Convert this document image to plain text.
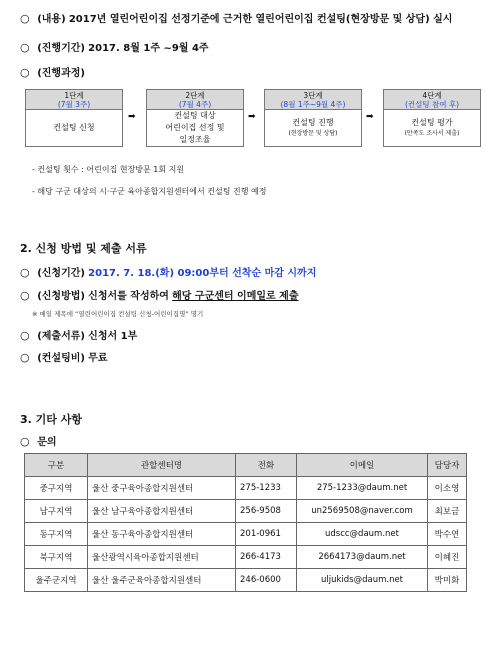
○ (내용) 2017년 열린어린이집 선정기준에 근거한 열린어린이집 컨설팅(현장방문 및 상담) 실시
○ (진행기간) 2017. 8월 1주 ~9월 4주
○ (진행과정)
1단계
(7월 3주)
컨설팅 신청
➡
2단계
(7월 4주)
컨설팅 대상
어린이집 선정 및
일정조율
➡
3단계
(8월 1주~9월 4주)
컨설팅 진행
(현장방문 및 상담)
➡
4단계
(컨설팅 참여 후)
컨설팅 평가
(만족도 조사서 제출)
- 컨설팅 횟수 : 어린이집 현장방문 1회 지원
- 해당 구군 대상의 시·구군 육아종합지원센터에서 컨설팅 진행 예정
2. 신청 방법 및 제출 서류
○ (신청기간) 2017. 7. 18.(화) 09:00부터 선착순 마감 시까지
○ (신청방법) 신청서를 작성하여 해당 구군센터 이메일로 제출
※ 메일 제목에 “열린어린이집 컨설팅 신청-어린이집명” 명기
○ (제출서류) 신청서 1부
○ (컨설팅비) 무료
3. 기타 사항
○ 문의
구분	관할센터명	전화	이메일	담당자
중구지역	울산 중구육아종합지원센터	275-1233	275-1233@daum.net	이소영
남구지역	울산 남구육아종합지원센터	256-9508	un2569508@naver.com	최보금
동구지역	울산 동구육아종합지원센터	201-0961	udscc@daum.net	박수연
북구지역	울산광역시육아종합지원센터	266-4173	2664173@daum.net	이혜진
울주군지역	울산 울주군육아종합지원센터	246-0600	uljukids@daum.net	박미화
